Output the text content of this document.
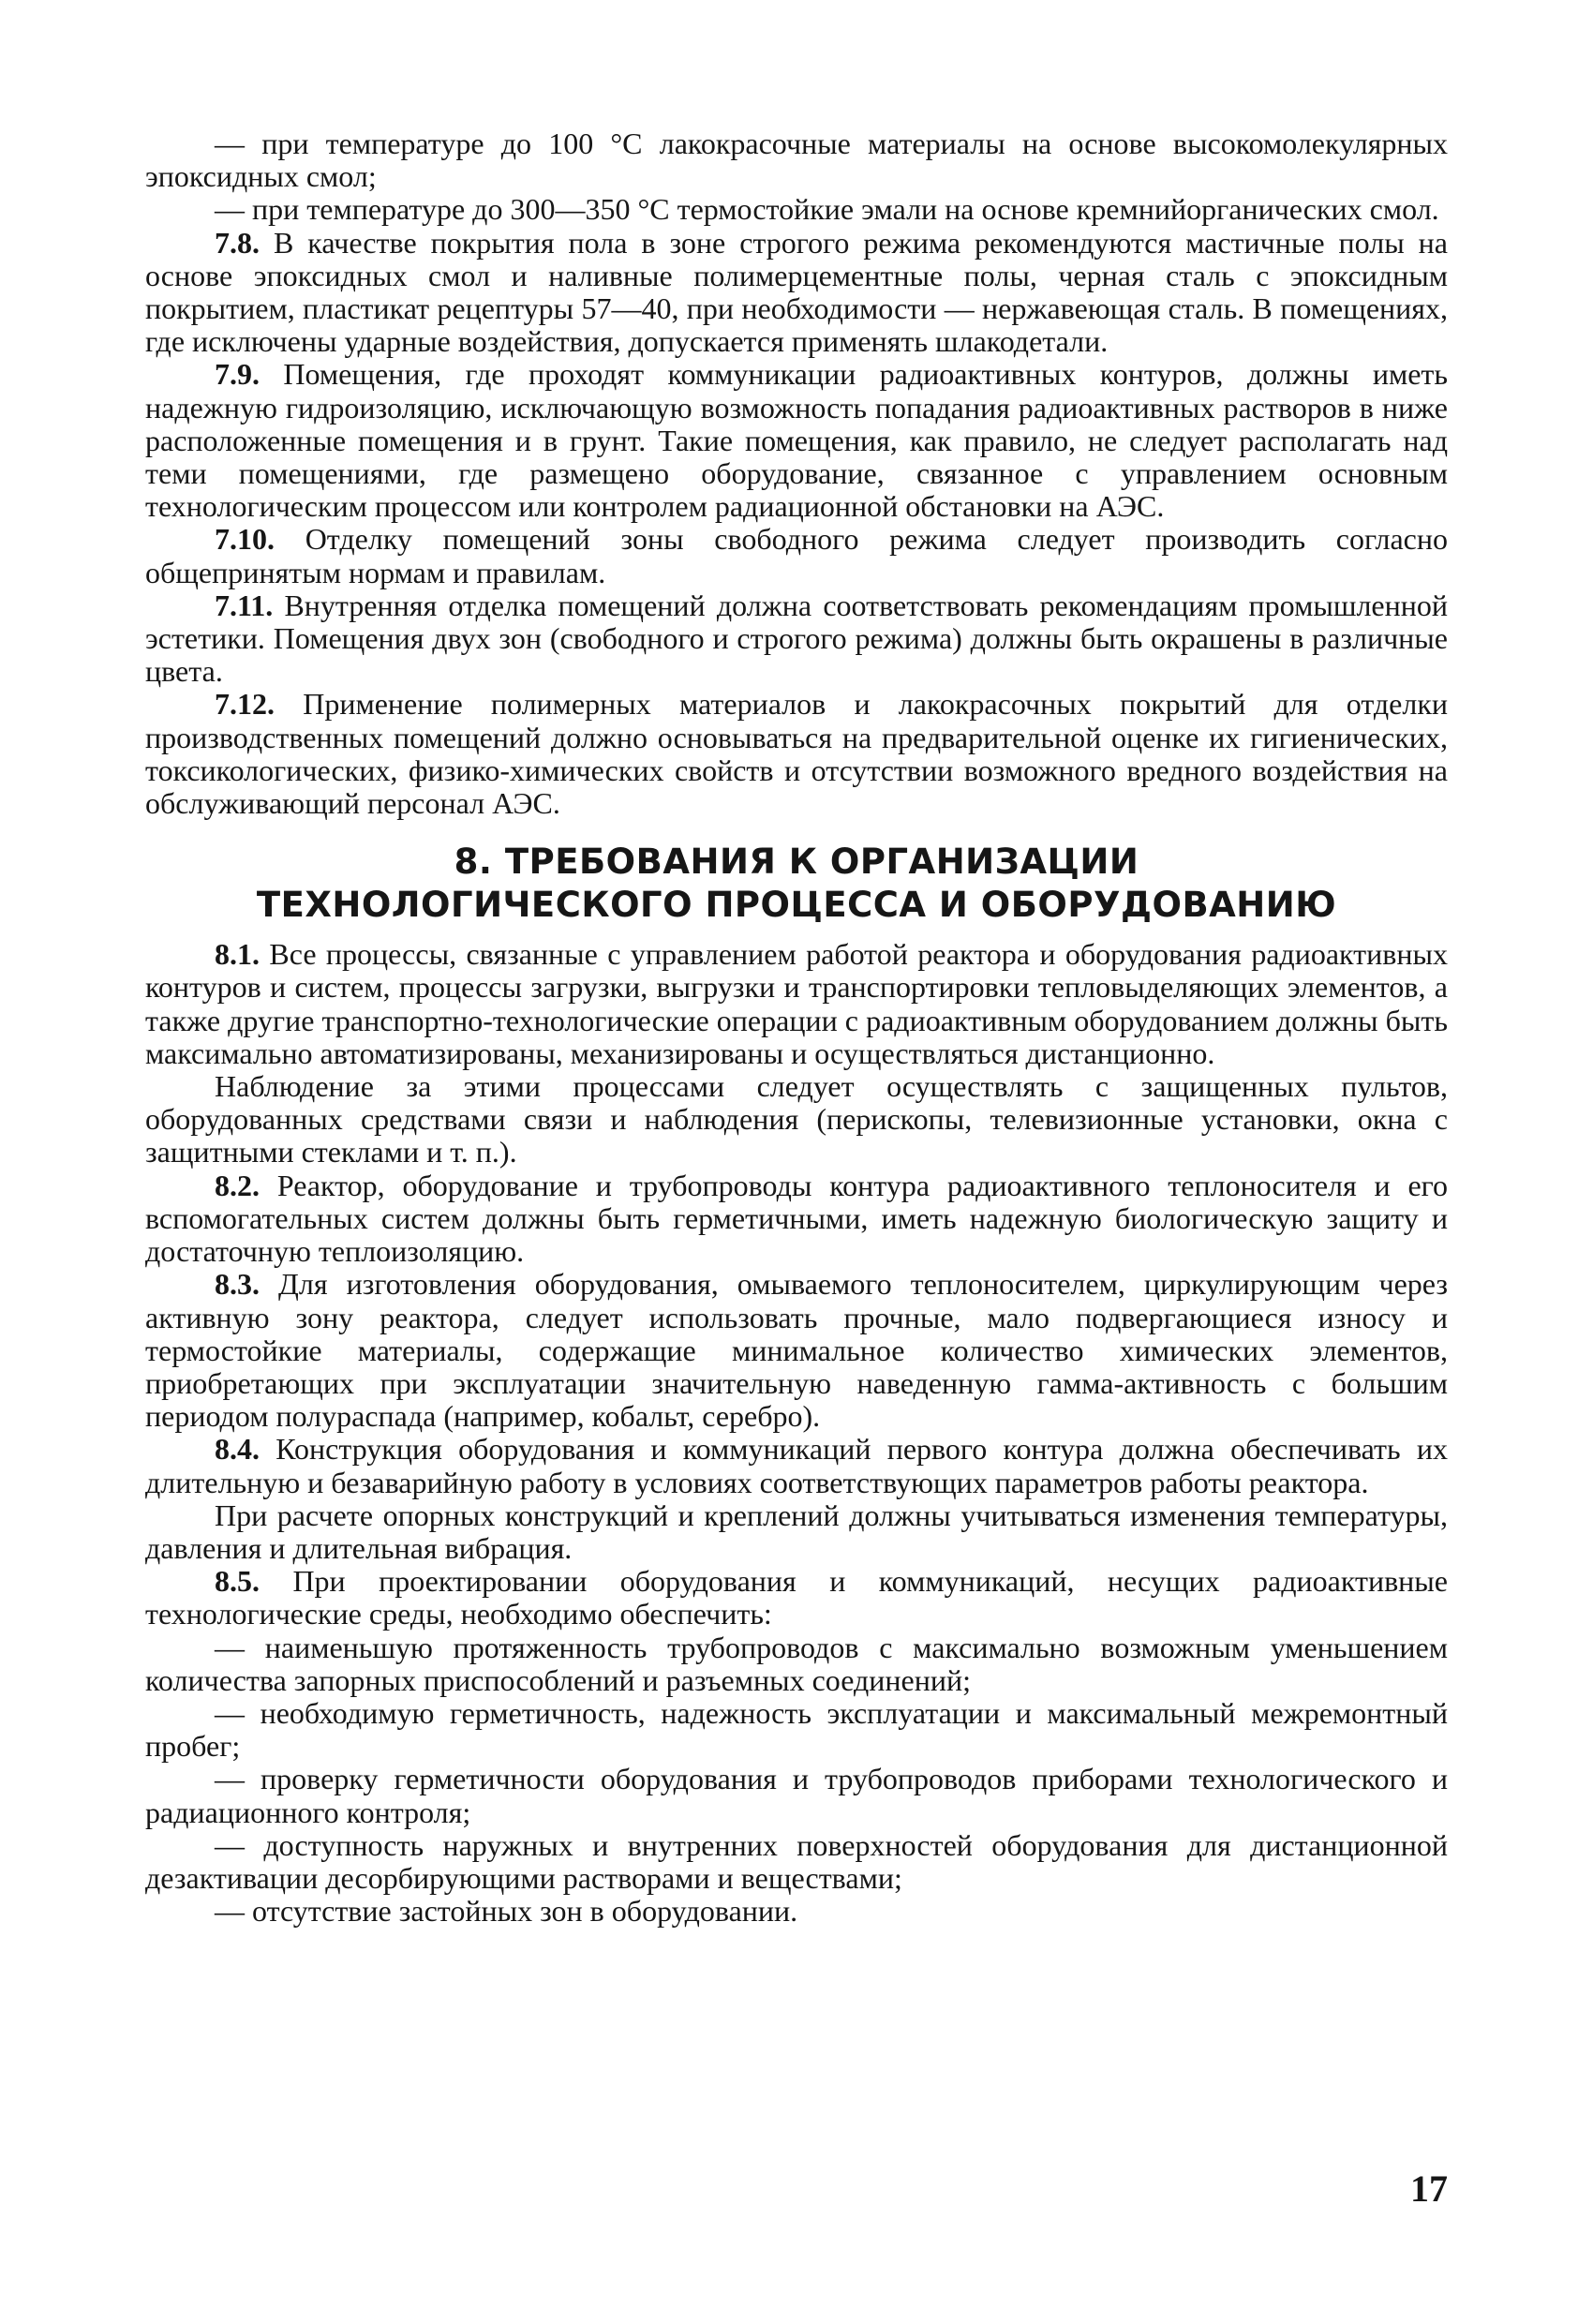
— при температуре до 100 °С лакокрасочные материалы на основе высокомолекулярных эпоксидных смол;

— при температуре до 300—350 °С термостойкие эмали на основе кремнийорганических смол.

7.8. В качестве покрытия пола в зоне строгого режима рекомендуются мастичные полы на основе эпоксидных смол и наливные полимерцементные полы, черная сталь с эпоксидным покрытием, пластикат рецептуры 57—40, при необходимости — нержавеющая сталь. В помещениях, где исключены ударные воздействия, допускается применять шлакодетали.

7.9. Помещения, где проходят коммуникации радиоактивных контуров, должны иметь надежную гидроизоляцию, исключающую возможность попадания радиоактивных растворов в ниже расположенные помещения и в грунт. Такие помещения, как правило, не следует располагать над теми помещениями, где размещено оборудование, связанное с управлением основным технологическим процессом или контролем радиационной обстановки на АЭС.

7.10. Отделку помещений зоны свободного режима следует производить согласно общепринятым нормам и правилам.

7.11. Внутренняя отделка помещений должна соответствовать рекомендациям промышленной эстетики. Помещения двух зон (свободного и строгого режима) должны быть окрашены в различные цвета.

7.12. Применение полимерных материалов и лакокрасочных покрытий для отделки производственных помещений должно основываться на предварительной оценке их гигиенических, токсикологических, физико-химических свойств и отсутствии возможного вредного воздействия на обслуживающий персонал АЭС.

8. ТРЕБОВАНИЯ К ОРГАНИЗАЦИИ
ТЕХНОЛОГИЧЕСКОГО ПРОЦЕССА И ОБОРУДОВАНИЮ

8.1. Все процессы, связанные с управлением работой реактора и оборудования радиоактивных контуров и систем, процессы загрузки, выгрузки и транспортировки тепловыделяющих элементов, а также другие транспортно-технологические операции с радиоактивным оборудованием должны быть максимально автоматизированы, механизированы и осуществляться дистанционно.

Наблюдение за этими процессами следует осуществлять с защищенных пультов, оборудованных средствами связи и наблюдения (перископы, телевизионные установки, окна с защитными стеклами и т. п.).

8.2. Реактор, оборудование и трубопроводы контура радиоактивного теплоносителя и его вспомогательных систем должны быть герметичными, иметь надежную биологическую защиту и достаточную теплоизоляцию.

8.3. Для изготовления оборудования, омываемого теплоносителем, циркулирующим через активную зону реактора, следует использовать прочные, мало подвергающиеся износу и термостойкие материалы, содержащие минимальное количество химических элементов, приобретающих при эксплуатации значительную наведенную гамма-активность с большим периодом полураспада (например, кобальт, серебро).

8.4. Конструкция оборудования и коммуникаций первого контура должна обеспечивать их длительную и безаварийную работу в условиях соответствующих параметров работы реактора.

При расчете опорных конструкций и креплений должны учитываться изменения температуры, давления и длительная вибрация.

8.5. При проектировании оборудования и коммуникаций, несущих радиоактивные технологические среды, необходимо обеспечить:

— наименьшую протяженность трубопроводов с максимально возможным уменьшением количества запорных приспособлений и разъемных соединений;

— необходимую герметичность, надежность эксплуатации и максимальный межремонтный пробег;

— проверку герметичности оборудования и трубопроводов приборами технологического и радиационного контроля;

— доступность наружных и внутренних поверхностей оборудования для дистанционной дезактивации десорбирующими растворами и веществами;

— отсутствие застойных зон в оборудовании.

17
